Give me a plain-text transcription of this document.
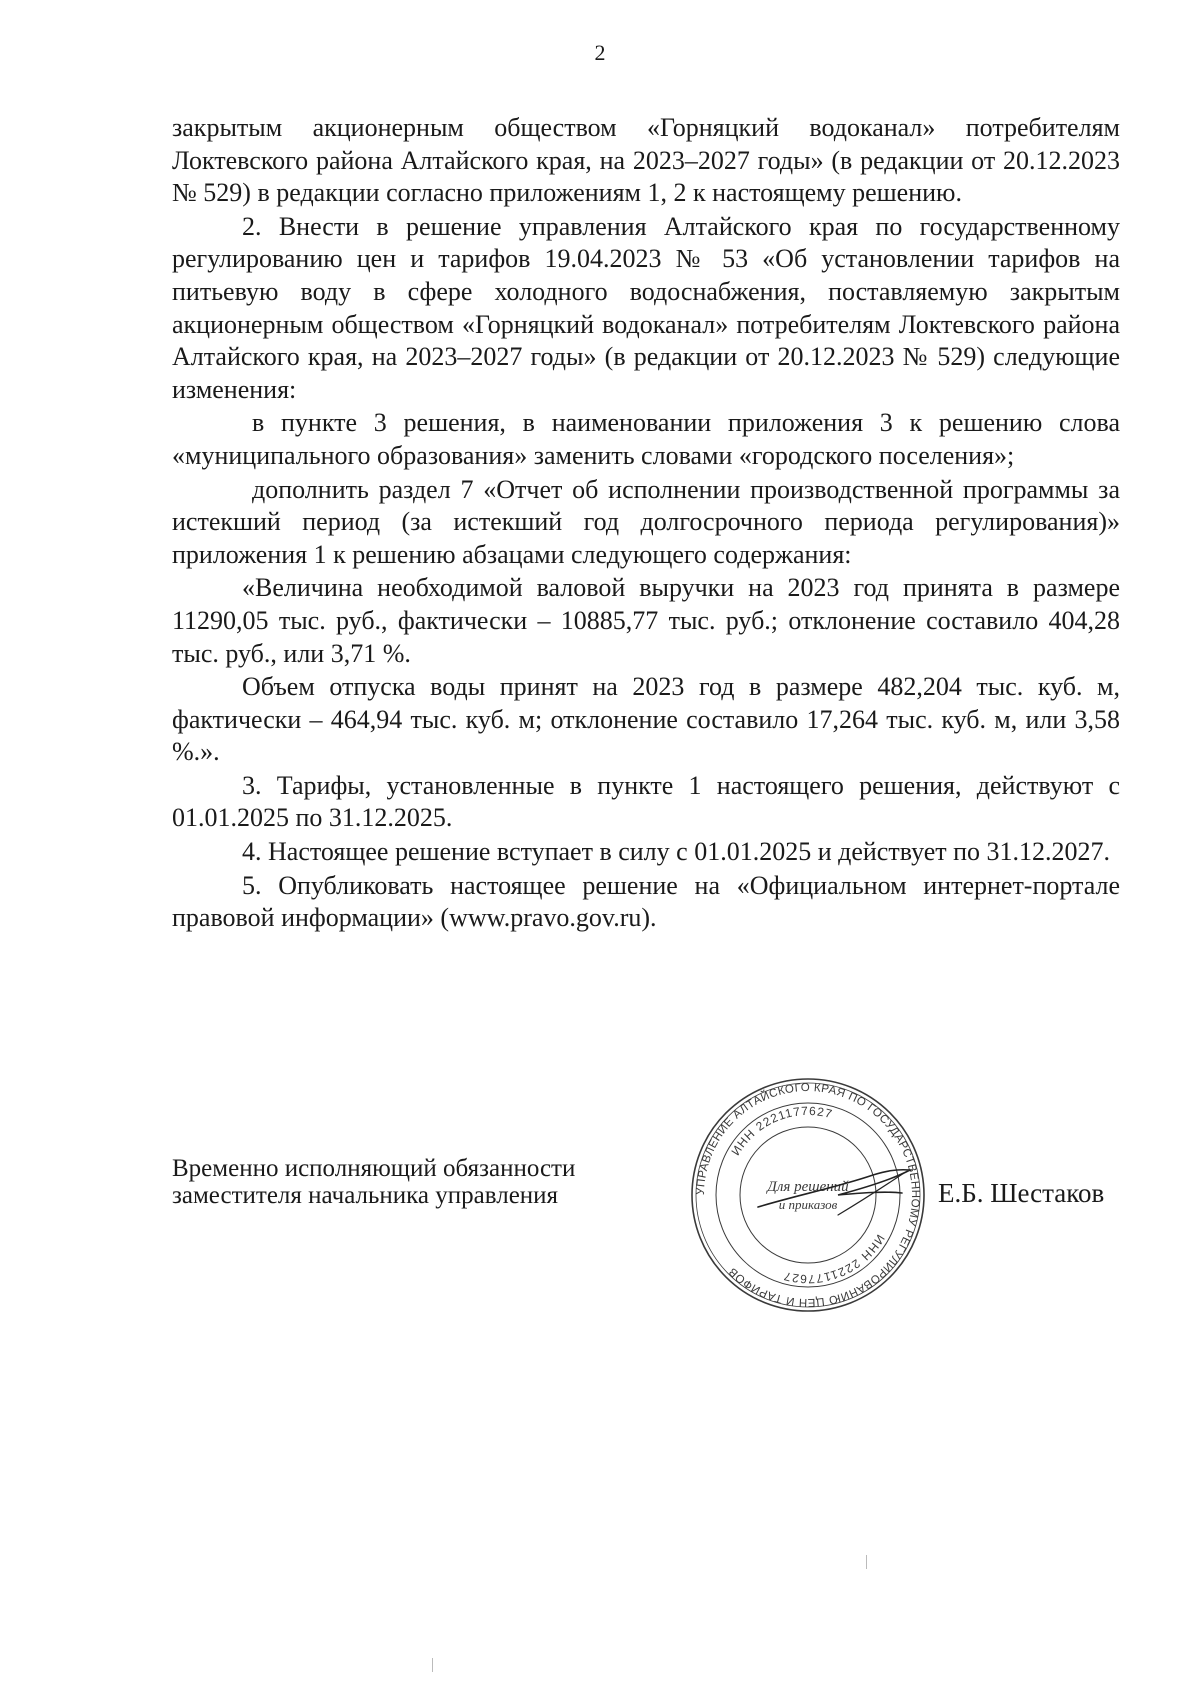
2

закрытым акционерным обществом «Горняцкий водоканал» потребителям Локтевского района Алтайского края, на 2023–2027 годы» (в редакции от 20.12.2023 № 529) в редакции согласно приложениям 1, 2 к настоящему решению.

2. Внести в решение управления Алтайского края по государственному регулированию цен и тарифов 19.04.2023 № 53 «Об установлении тарифов на питьевую воду в сфере холодного водоснабжения, поставляемую закрытым акционерным обществом «Горняцкий водоканал» потребителям Локтевского района Алтайского края, на 2023–2027 годы» (в редакции от 20.12.2023 № 529) следующие изменения:

в пункте 3 решения, в наименовании приложения 3 к решению слова «муниципального образования» заменить словами «городского поселения»;

дополнить раздел 7 «Отчет об исполнении производственной программы за истекший период (за истекший год долгосрочного периода регулирования)» приложения 1 к решению абзацами следующего содержания:

«Величина необходимой валовой выручки на 2023 год принята в размере 11290,05 тыс. руб., фактически – 10885,77 тыс. руб.; отклонение составило 404,28 тыс. руб., или 3,71 %.

Объем отпуска воды принят на 2023 год в размере 482,204 тыс. куб. м, фактически – 464,94 тыс. куб. м; отклонение составило 17,264 тыс. куб. м, или 3,58 %.».

3. Тарифы, установленные в пункте 1 настоящего решения, действуют с 01.01.2025 по 31.12.2025.

4. Настоящее решение вступает в силу с 01.01.2025 и действует по 31.12.2027.

5. Опубликовать настоящее решение на «Официальном интернет-портале правовой информации» (www.pravo.gov.ru).

Временно исполняющий обязанности
заместителя начальника управления	УПРАВЛЕНИЕ АЛТАЙСКОГО КРАЯ ПО ГОСУДАРСТВЕННОМУ РЕГУЛИРОВАНИЮ ЦЕН И ТАРИФОВ
ИНН 2221177627
ИНН 2221177627
Для решений
и приказов	Е.Б. Шестаков
